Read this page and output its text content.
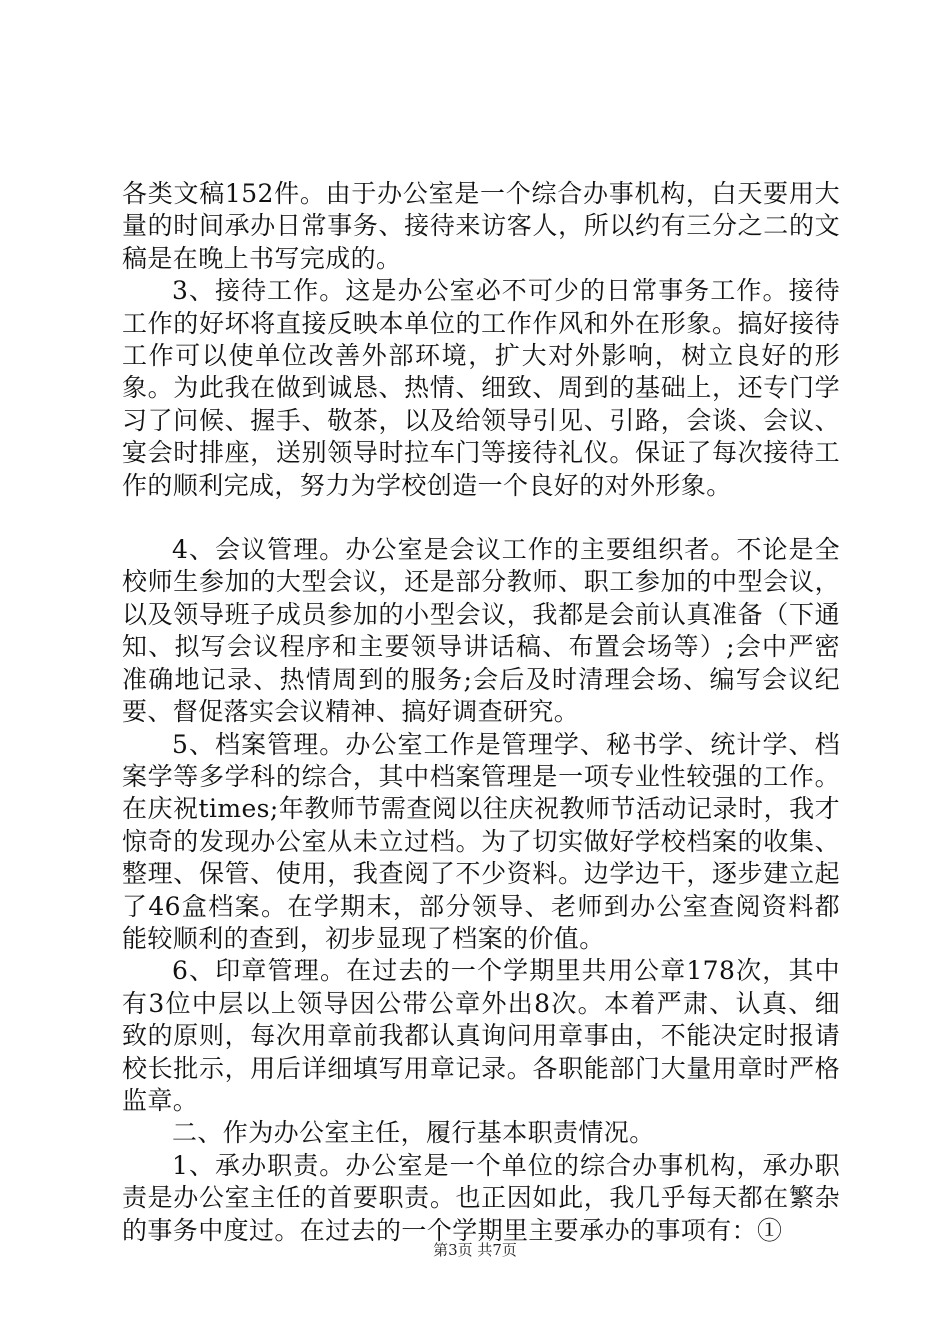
各类文稿152件。由于办公室是一个综合办事机构，白天要用大量的时间承办日常事务、接待来访客人，所以约有三分之二的文稿是在晚上书写完成的。

3、接待工作。这是办公室必不可少的日常事务工作。接待工作的好坏将直接反映本单位的工作作风和外在形象。搞好接待工作可以使单位改善外部环境，扩大对外影响，树立良好的形象。为此我在做到诚恳、热情、细致、周到的基础上，还专门学习了问候、握手、敬茶，以及给领导引见、引路，会谈、会议、宴会时排座，送别领导时拉车门等接待礼仪。保证了每次接待工作的顺利完成，努力为学校创造一个良好的对外形象。

4、会议管理。办公室是会议工作的主要组织者。不论是全校师生参加的大型会议，还是部分教师、职工参加的中型会议，以及领导班子成员参加的小型会议，我都是会前认真准备（下通知、拟写会议程序和主要领导讲话稿、布置会场等）;会中严密准确地记录、热情周到的服务;会后及时清理会场、编写会议纪要、督促落实会议精神、搞好调查研究。

5、档案管理。办公室工作是管理学、秘书学、统计学、档案学等多学科的综合，其中档案管理是一项专业性较强的工作。在庆祝times;年教师节需查阅以往庆祝教师节活动记录时，我才惊奇的发现办公室从未立过档。为了切实做好学校档案的收集、整理、保管、使用，我查阅了不少资料。边学边干，逐步建立起了46盒档案。在学期末，部分领导、老师到办公室查阅资料都能较顺利的查到，初步显现了档案的价值。

6、印章管理。在过去的一个学期里共用公章178次，其中有3位中层以上领导因公带公章外出8次。本着严肃、认真、细致的原则，每次用章前我都认真询问用章事由，不能决定时报请校长批示，用后详细填写用章记录。各职能部门大量用章时严格监章。

二、作为办公室主任，履行基本职责情况。

1、承办职责。办公室是一个单位的综合办事机构，承办职责是办公室主任的首要职责。也正因如此，我几乎每天都在繁杂的事务中度过。在过去的一个学期里主要承办的事项有：①

第3页 共7页
